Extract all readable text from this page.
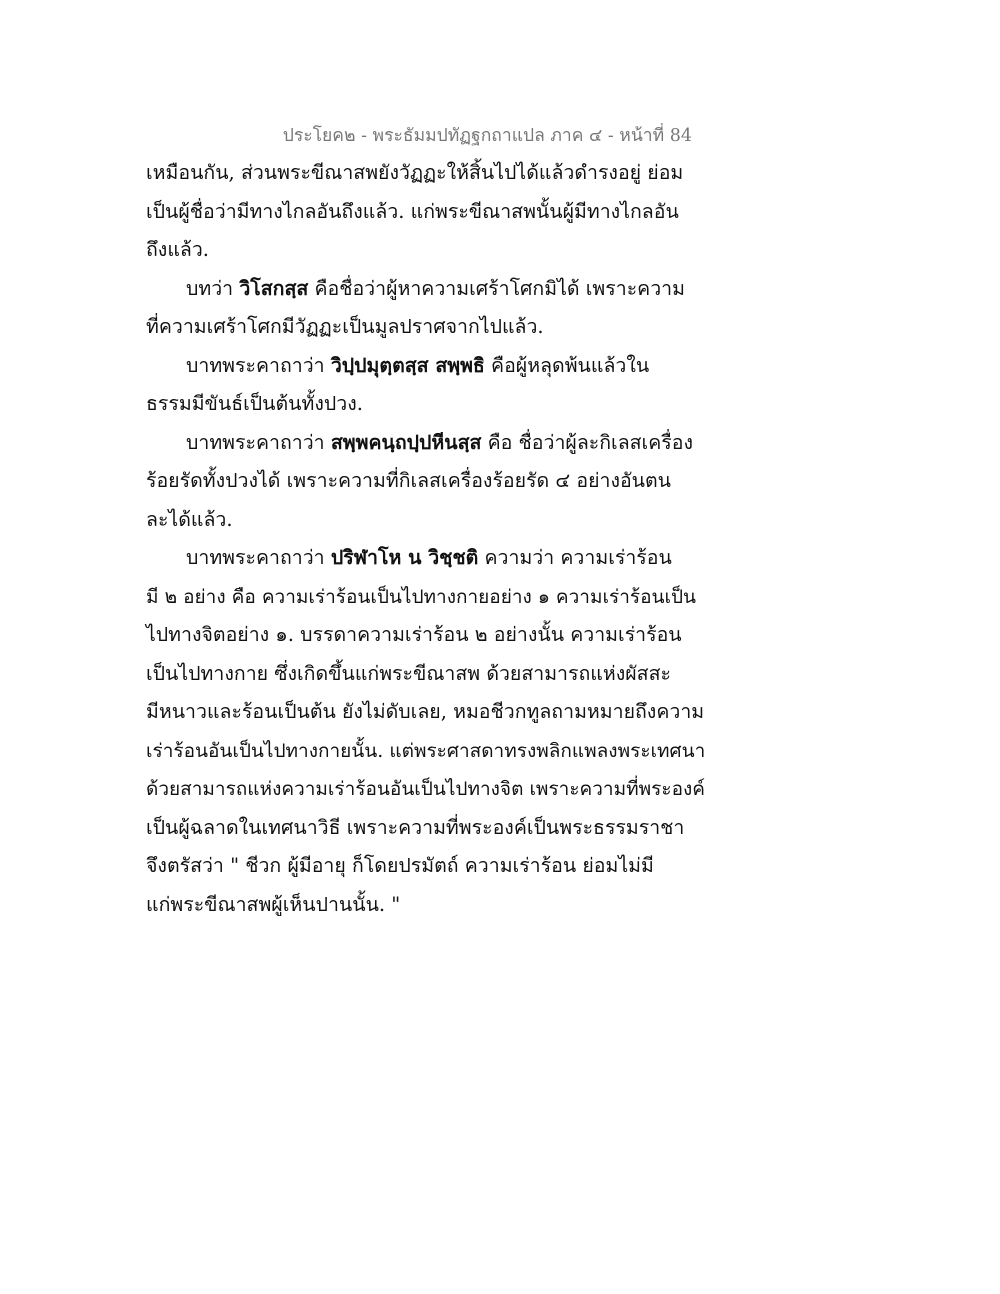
ประโยค๒ - พระธัมมปทัฏฐกถาแปล ภาค ๔ - หน้าที่ 84
เหมือนกัน, ส่วนพระขีณาสพยังวัฏฏะให้สิ้นไปได้แล้วดำรงอยู่ ย่อม
เป็นผู้ชื่อว่ามีทางไกลอันถึงแล้ว. แก่พระขีณาสพนั้นผู้มีทางไกลอัน
ถึงแล้ว.
บทว่า วิโสกสฺส คือชื่อว่าผู้หาความเศร้าโศกมิได้ เพราะความ
ที่ความเศร้าโศกมีวัฏฏะเป็นมูลปราศจากไปแล้ว.
บาทพระคาถาว่า วิปฺปมุตฺตสฺส สพฺพธิ คือผู้หลุดพ้นแล้วใน
ธรรมมีขันธ์เป็นต้นทั้งปวง.
บาทพระคาถาว่า สพฺพคนฺถปฺปหีนสฺส คือ ชื่อว่าผู้ละกิเลสเครื่อง
ร้อยรัดทั้งปวงได้ เพราะความที่กิเลสเครื่องร้อยรัด ๔ อย่างอันตน
ละได้แล้ว.
บาทพระคาถาว่า ปริฬาโห น วิชฺชติ ความว่า ความเร่าร้อน
มี ๒ อย่าง คือ ความเร่าร้อนเป็นไปทางกายอย่าง ๑ ความเร่าร้อนเป็น
ไปทางจิตอย่าง ๑. บรรดาความเร่าร้อน ๒ อย่างนั้น ความเร่าร้อน
เป็นไปทางกาย ซึ่งเกิดขึ้นแก่พระขีณาสพ ด้วยสามารถแห่งผัสสะ
มีหนาวและร้อนเป็นต้น ยังไม่ดับเลย, หมอชีวกทูลถามหมายถึงความ
เร่าร้อนอันเป็นไปทางกายนั้น. แต่พระศาสดาทรงพลิกแพลงพระเทศนา
ด้วยสามารถแห่งความเร่าร้อนอันเป็นไปทางจิต เพราะความที่พระองค์
เป็นผู้ฉลาดในเทศนาวิธี เพราะความที่พระองค์เป็นพระธรรมราชา
จึงตรัสว่า " ชีวก ผู้มีอายุ ก็โดยปรมัตถ์ ความเร่าร้อน ย่อมไม่มี
แก่พระขีณาสพผู้เห็นปานนั้น. "
